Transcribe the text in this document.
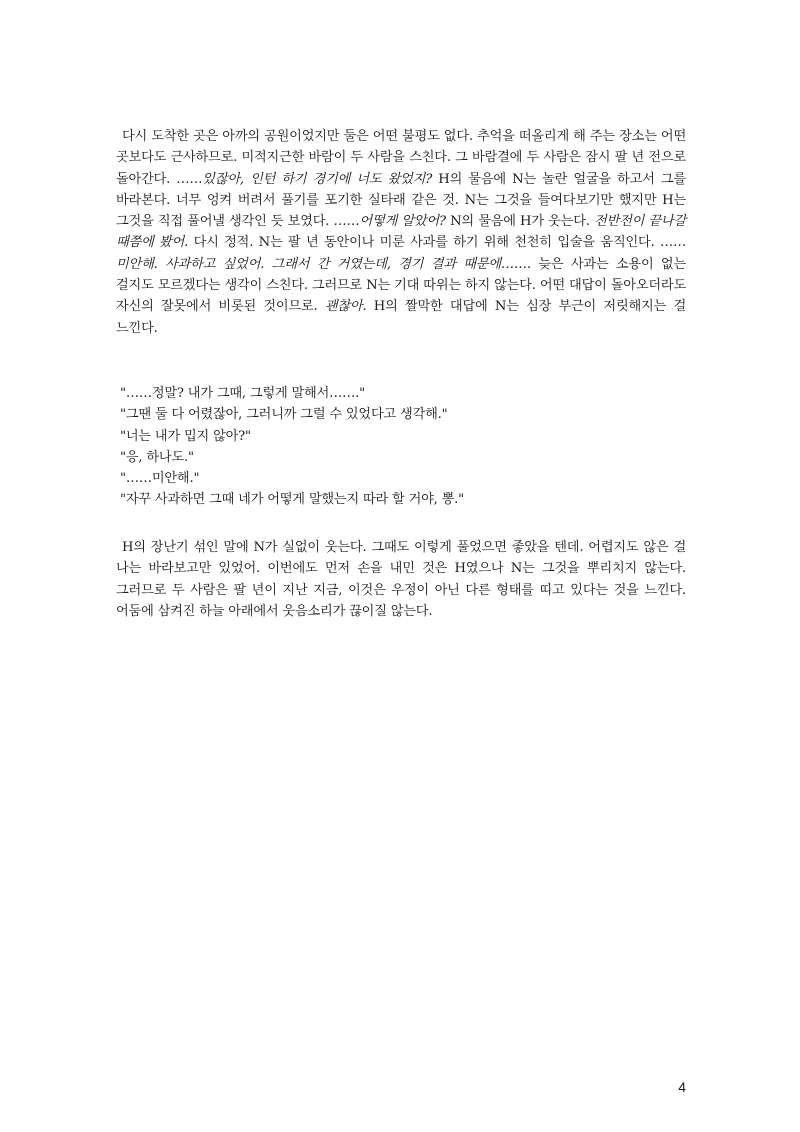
다시 도착한 곳은 아까의 공원이었지만 둘은 어떤 불평도 없다. 추억을 떠올리게 해 주는 장소는 어떤 곳보다도 근사하므로. 미적지근한 바람이 두 사람을 스친다. 그 바람결에 두 사람은 잠시 팔 년 전으로 돌아간다. ……있잖아, 인턴 하기 경기에 너도 왔었지? H의 물음에 N는 놀란 얼굴을 하고서 그를 바라본다. 너무 엉켜 버려서 풀기를 포기한 실타래 같은 것. N는 그것을 들여다보기만 했지만 H는 그것을 직접 풀어낼 생각인 듯 보였다. ……어떻게 알았어? N의 물음에 H가 웃는다. 전반전이 끝나갈 때쯤에 봤어. 다시 정적. N는 팔 년 동안이나 미룬 사과를 하기 위해 천천히 입술을 움직인다. ……미안해. 사과하고 싶었어. 그래서 간 거였는데, 경기 결과 때문에……. 늦은 사과는 소용이 없는 걸지도 모르겠다는 생각이 스친다. 그러므로 N는 기대 따위는 하지 않는다. 어떤 대답이 돌아오더라도 자신의 잘못에서 비롯된 것이므로. 괜찮아. H의 짤막한 대답에 N는 심장 부근이 저릿해지는 걸 느낀다.

"……정말? 내가 그때, 그렇게 말해서……."

"그땐 둘 다 어렸잖아, 그러니까 그럴 수 있었다고 생각해."

"너는 내가 밉지 않아?"

"응, 하나도."

"……미안해."

"자꾸 사과하면 그때 네가 어떻게 말했는지 따라 할 거야, 뽕."

H의 장난기 섞인 말에 N가 실없이 웃는다. 그때도 이렇게 풀었으면 좋았을 텐데. 어렵지도 않은 걸 나는 바라보고만 있었어. 이번에도 먼저 손을 내민 것은 H였으나 N는 그것을 뿌리치지 않는다. 그러므로 두 사람은 팔 년이 지난 지금, 이것은 우정이 아닌 다른 형태를 띠고 있다는 것을 느낀다. 어둠에 삼켜진 하늘 아래에서 웃음소리가 끊이질 않는다.

4
